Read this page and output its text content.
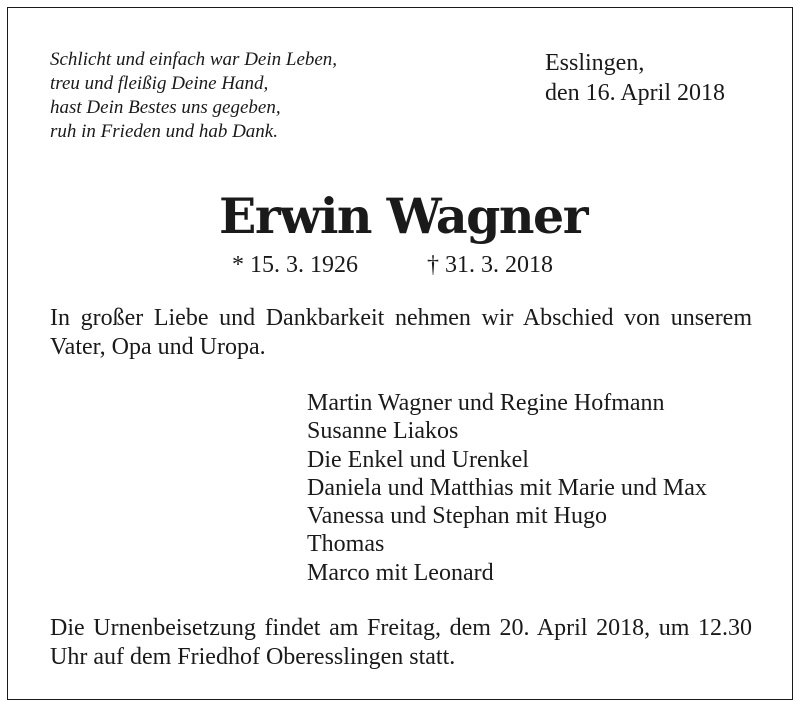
Schlicht und einfach war Dein Leben,
treu und fleißig Deine Hand,
hast Dein Bestes uns gegeben,
ruh in Frieden und hab Dank.
Esslingen,
den 16. April 2018
Erwin Wagner
* 15. 3. 1926	† 31. 3. 2018

In großer Liebe und Dankbarkeit nehmen wir Abschied von unserem Vater, Opa und Uropa.

Martin Wagner und Regine Hofmann
Susanne Liakos
Die Enkel und Urenkel
Daniela und Matthias mit Marie und Max
Vanessa und Stephan mit Hugo
Thomas
Marco mit Leonard

Die Urnenbeisetzung findet am Freitag, dem 20. April 2018, um 12.30 Uhr auf dem Friedhof Oberesslingen statt.
